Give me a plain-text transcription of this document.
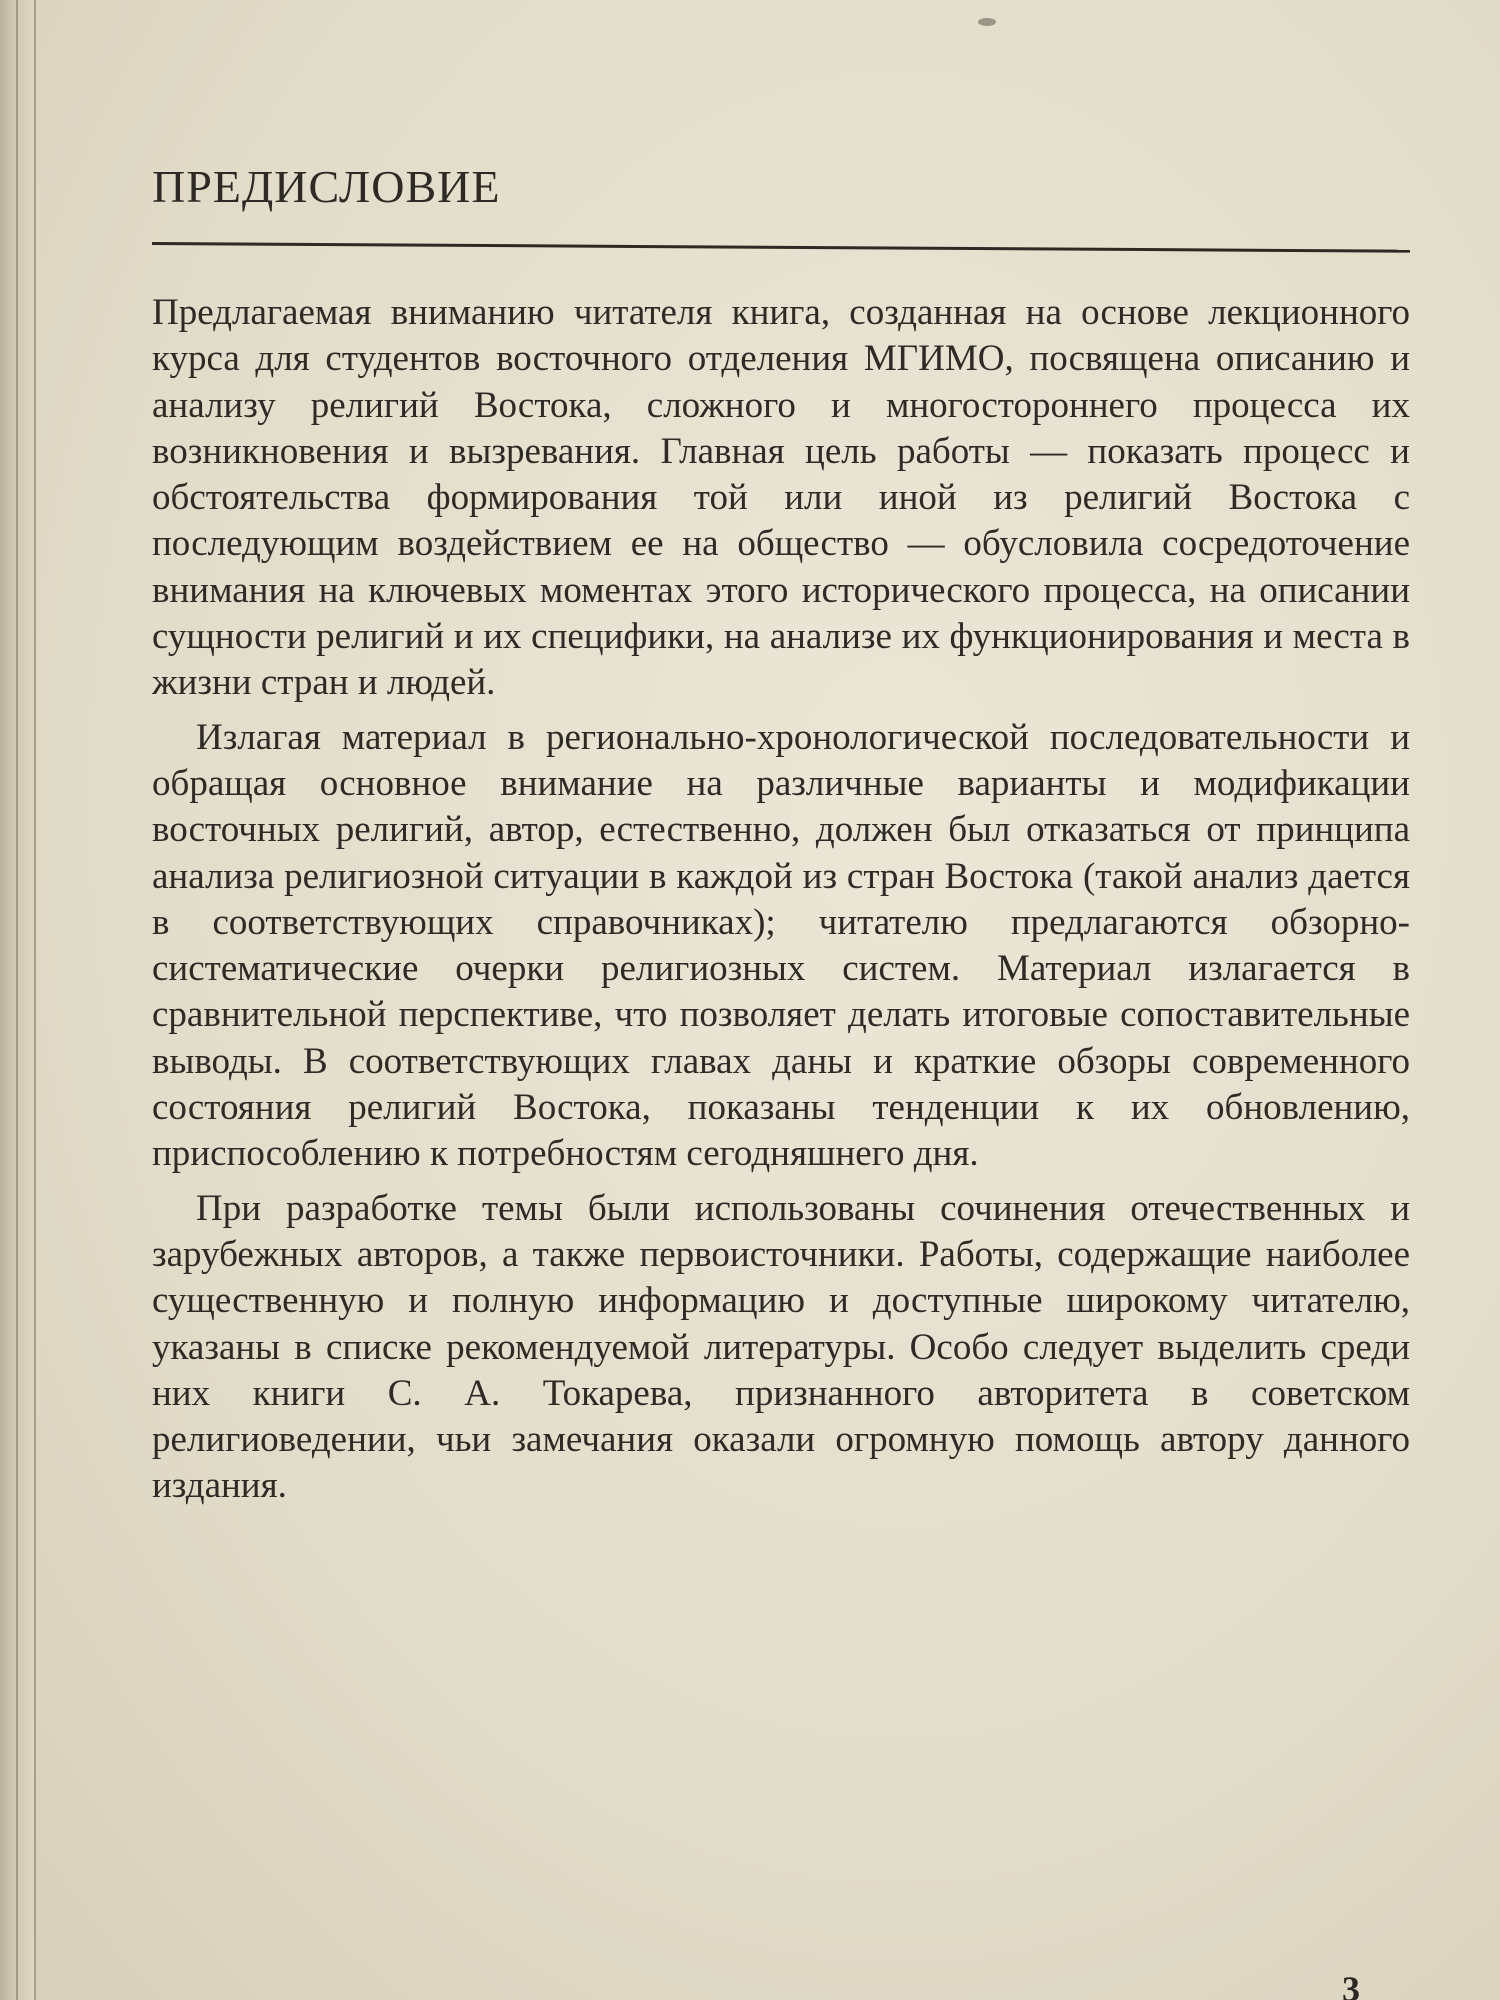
ПРЕДИСЛОВИЕ

Предлагаемая вниманию читателя книга, созданная на основе лекционного курса для студентов восточного отделения МГИМО, посвящена описанию и анализу религий Востока, сложного и многостороннего процесса их возникновения и вызревания. Главная цель работы — показать процесс и обстоятельства формирования той или иной из религий Востока с последующим воздействием ее на общество — обусловила сосредоточение внимания на ключевых моментах этого исторического процесса, на описании сущности религий и их специфики, на анализе их функционирования и места в жизни стран и людей.

Излагая материал в регионально-хронологической последовательности и обращая основное внимание на различные варианты и модификации восточных религий, автор, естественно, должен был отказаться от принципа анализа религиозной ситуации в каждой из стран Востока (такой анализ дается в соответствующих справочниках); читателю предлагаются обзорно-систематические очерки религиозных систем. Материал излагается в сравнительной перспективе, что позволяет делать итоговые сопоставительные выводы. В соответствующих главах даны и краткие обзоры современного состояния религий Востока, показаны тенденции к их обновлению, приспособлению к потребностям сегодняшнего дня.

При разработке темы были использованы сочинения отечественных и зарубежных авторов, а также первоисточники. Работы, содержащие наиболее существенную и полную информацию и доступные широкому читателю, указаны в списке рекомендуемой литературы. Особо следует выделить среди них книги С. А. Токарева, признанного авторитета в советском религиоведении, чьи замечания оказали огромную помощь автору данного издания.

3
